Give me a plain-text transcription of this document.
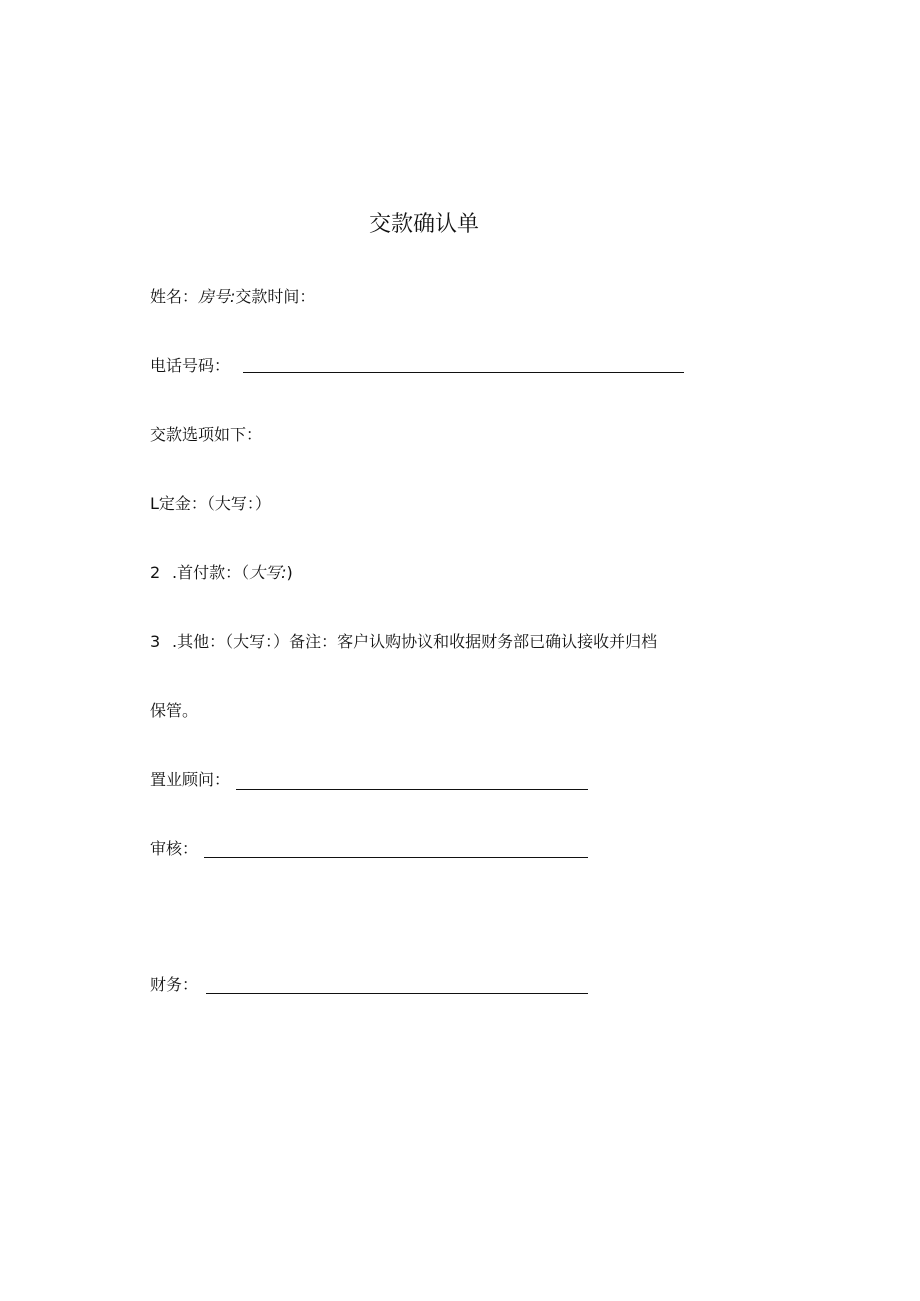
交款确认单
姓名：房号:交款时间：
电话号码：
交款选项如下：
L定金：（大写：）
2 .首付款：（大写:)
3 .其他：（大写：）备注：客户认购协议和收据财务部已确认接收并归档
保管。
置业顾问：
审核：
财务：
